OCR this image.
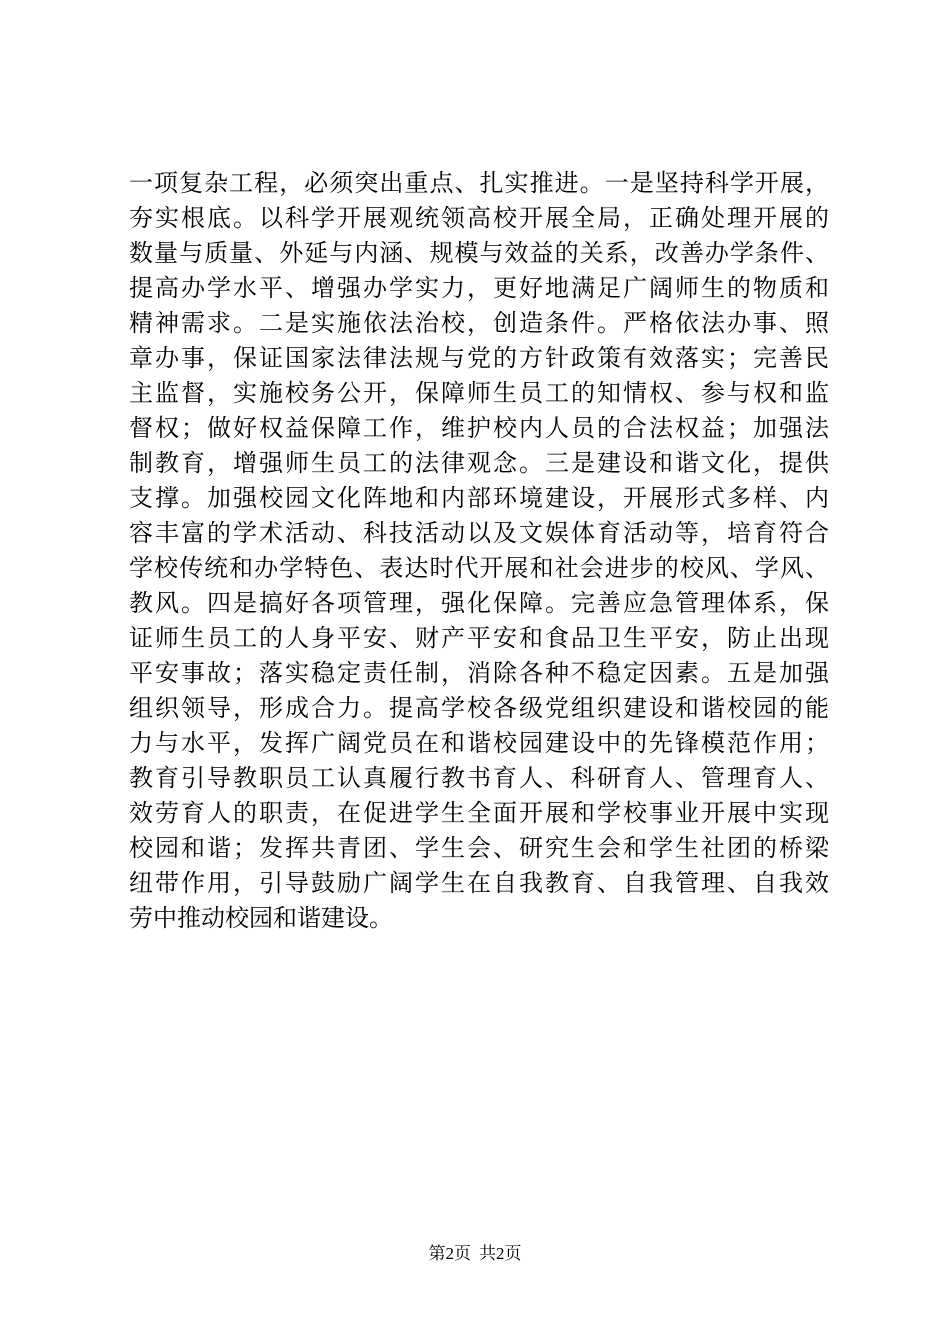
一项复杂工程，必须突出重点、扎实推进。一是坚持科学开展，
夯实根底。以科学开展观统领高校开展全局，正确处理开展的
数量与质量、外延与内涵、规模与效益的关系，改善办学条件、
提高办学水平、增强办学实力，更好地满足广阔师生的物质和
精神需求。二是实施依法治校，创造条件。严格依法办事、照
章办事，保证国家法律法规与党的方针政策有效落实；完善民
主监督，实施校务公开，保障师生员工的知情权、参与权和监
督权；做好权益保障工作，维护校内人员的合法权益；加强法
制教育，增强师生员工的法律观念。三是建设和谐文化，提供
支撑。加强校园文化阵地和内部环境建设，开展形式多样、内
容丰富的学术活动、科技活动以及文娱体育活动等，培育符合
学校传统和办学特色、表达时代开展和社会进步的校风、学风、
教风。四是搞好各项管理，强化保障。完善应急管理体系，保
证师生员工的人身平安、财产平安和食品卫生平安，防止出现
平安事故；落实稳定责任制，消除各种不稳定因素。五是加强
组织领导，形成合力。提高学校各级党组织建设和谐校园的能
力与水平，发挥广阔党员在和谐校园建设中的先锋模范作用；
教育引导教职员工认真履行教书育人、科研育人、管理育人、
效劳育人的职责，在促进学生全面开展和学校事业开展中实现
校园和谐；发挥共青团、学生会、研究生会和学生社团的桥梁
纽带作用，引导鼓励广阔学生在自我教育、自我管理、自我效
劳中推动校园和谐建设。
第2页 共2页
